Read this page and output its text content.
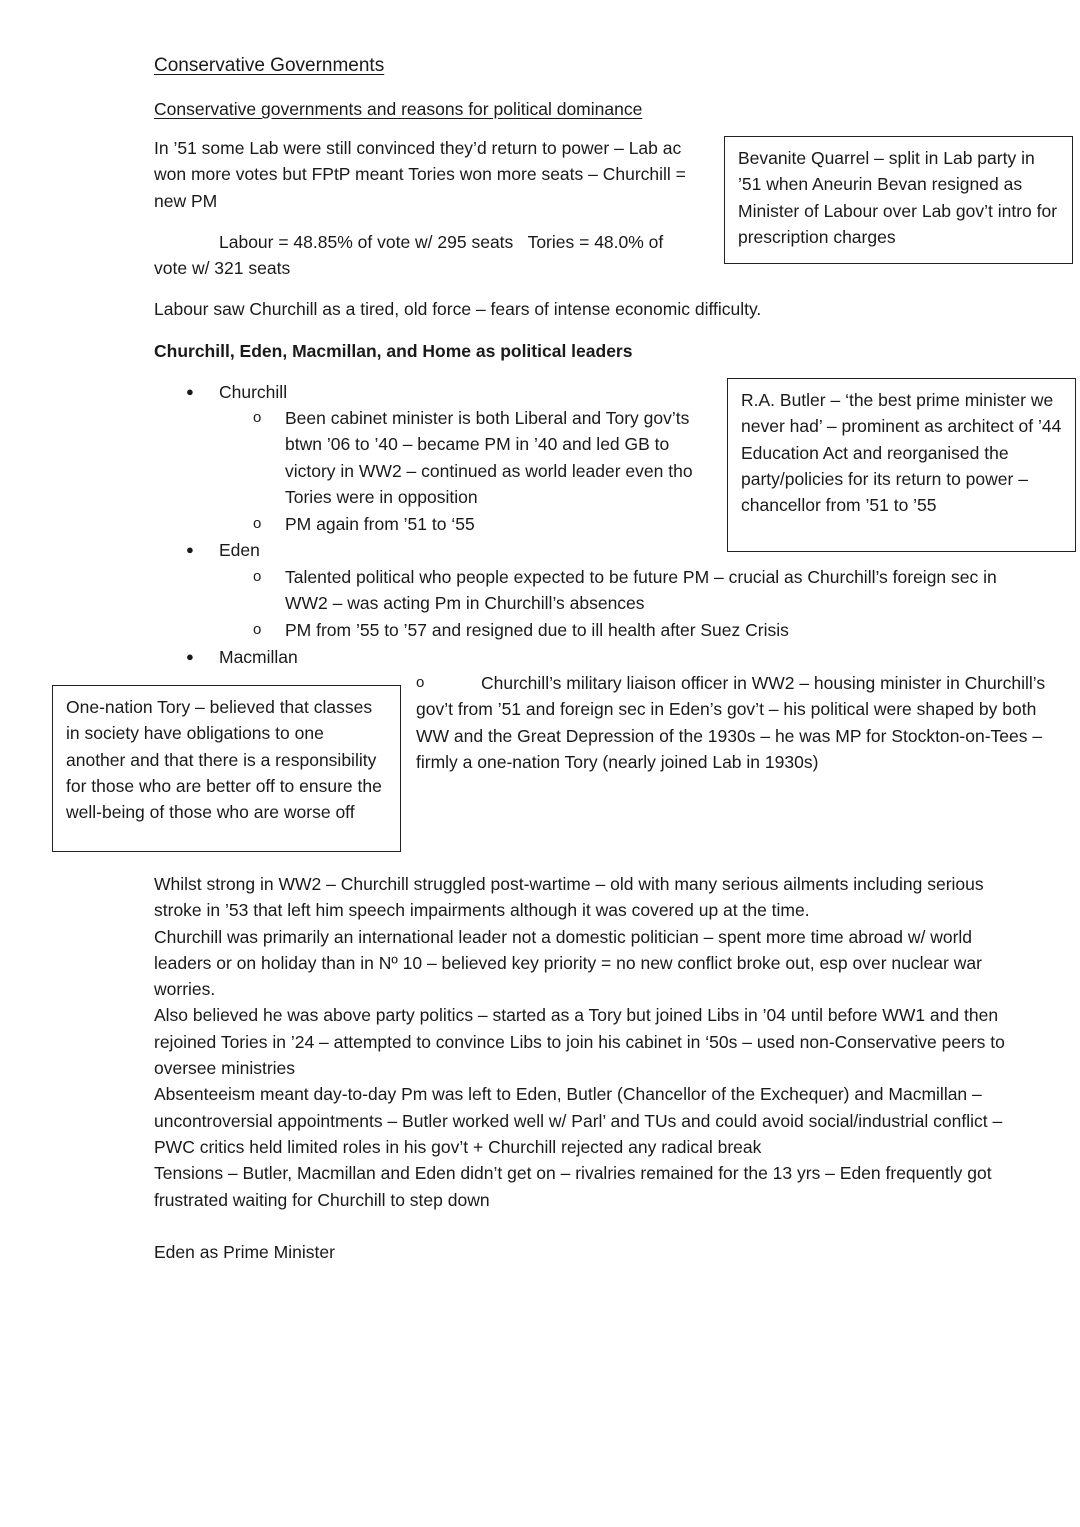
Conservative Governments
Conservative governments and reasons for political dominance

In ’51 some Lab were still convinced they’d return to power – Lab ac won more votes but FPtP meant Tories won more seats – Churchill = new PM

Labour = 48.85% of vote w/ 295 seats   Tories = 48.0% of
vote w/ 321 seats
Bevanite Quarrel – split in Lab party in ’51 when Aneurin Bevan resigned as Minister of Labour over Lab gov’t intro for prescription charges

Labour saw Churchill as a tired, old force – fears of intense economic difficulty.

Churchill, Eden, Macmillan, and Home as political leaders

● Churchill
o Been cabinet minister is both Liberal and Tory gov’ts btwn ’06 to ’40 – became PM in ’40 and led GB to victory in WW2 – continued as world leader even tho Tories were in opposition

o PM again from ’51 to ‘55

R.A. Butler – ‘the best prime minister we never had’ – prominent as architect of ’44 Education Act and reorganised the party/policies for its return to power – chancellor from ’51 to ’55
● Eden
o Talented political who people expected to be future PM – crucial as Churchill’s foreign sec in WW2 – was acting Pm in Churchill’s absences

o PM from ’55 to ’57 and resigned due to ill health after Suez Crisis

● Macmillan
o	Churchill’s military liaison officer in WW2 – housing minister in Churchill’s gov’t from ’51 and foreign sec in Eden’s gov’t – his political were shaped by both WW and the Great Depression of the 1930s – he was MP for Stockton-on-Tees – firmly a one-nation Tory (nearly joined Lab in 1930s)

One-nation Tory – believed that classes in society have obligations to one another and that there is a responsibility for those who are better off to ensure the well-being of those who are worse off

Whilst strong in WW2 – Churchill struggled post-wartime – old with many serious ailments including serious stroke in ’53 that left him speech impairments although it was covered up at the time.

Churchill was primarily an international leader not a domestic politician – spent more time abroad w/ world leaders or on holiday than in Nº 10 – believed key priority = no new conflict broke out, esp over nuclear war worries.

Also believed he was above party politics – started as a Tory but joined Libs in ’04 until before WW1 and then rejoined Tories in ’24 – attempted to convince Libs to join his cabinet in ‘50s – used non-Conservative peers to oversee ministries

Absenteeism meant day-to-day Pm was left to Eden, Butler (Chancellor of the Exchequer) and Macmillan – uncontroversial appointments – Butler worked well w/ Parl’ and TUs and could avoid social/industrial conflict – PWC critics held limited roles in his gov’t + Churchill rejected any radical break

Tensions – Butler, Macmillan and Eden didn’t get on – rivalries remained for the 13 yrs – Eden frequently got frustrated waiting for Churchill to step down

Eden as Prime Minister
